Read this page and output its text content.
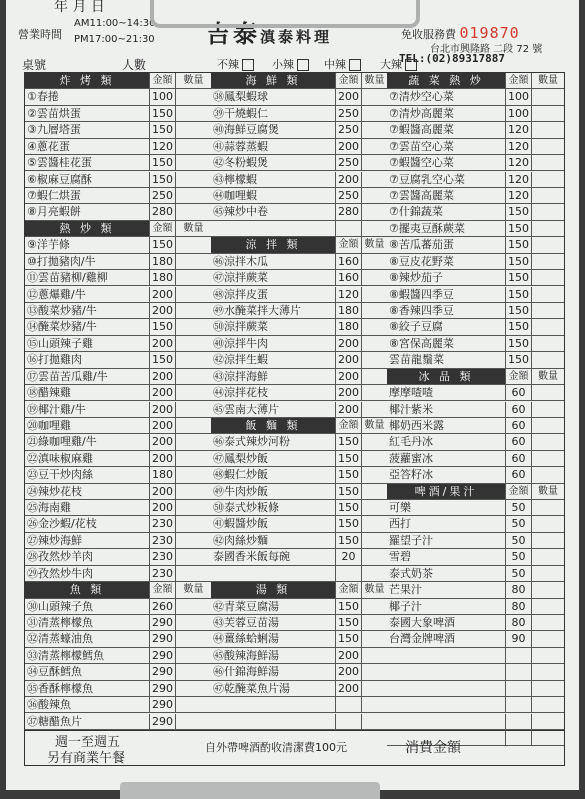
年 月 日
營業時間
AM11:00~14:30
PM17:00~21:30 吉泰滇泰料理	免收服務費 019870
台北市興隆路 二段 72 號
TEL:(02)89317887
桌號	人數	不辣	小辣	中辣	大辣
炸 烤 類	金額	數量
①春捲	100
②雲苗烘蛋	150
③九層塔蛋	150
④蔥花蛋	120
⑤雲醬桂花蛋	150
⑥椒麻豆腐酥	150
⑦蝦仁烘蛋	250
⑧月亮蝦餅	280
熱 炒 類	金額	數量
⑨洋芋條	150
⑩打拋豬肉/牛	180
⑪雲苗豬柳/雞柳	180
⑫蔥爆雞/牛	200
⑬酸菜炒豬/牛	200
⑭醃菜炒豬/牛	150
⑮山頭辣子雞	200
⑯打拋雞肉	150
⑰雲苗苦瓜雞/牛	200
⑱醋辣雞	200
⑲椰汁雞/牛	200
⑳咖哩雞	200
㉑綠咖哩雞/牛	200
㉒滇味椒麻雞	200
㉓豆干炒肉絲	180
㉔辣炒花枝	200
㉕海南雞	200
㉖金沙蝦/花枝	230
㉗辣炒海鮮	230
㉘孜然炒羊肉	230
㉙孜然炒牛肉	230
魚 類	金額	數量
㉚山頭辣子魚	260
㉛清蒸檸檬魚	290
㉜清蒸蠔油魚	290
㉝清蒸檸檬鱈魚	290
㉞豆酥鱈魚	290
㉟香酥檸檬魚	290
㊱酸辣魚	290
㊲糖醋魚片	290
海 鮮 類	金額 數量
㊳鳳梨蝦球	200
㊴干燒蝦仁	250
㊵海鮮豆腐煲	250
㊶蒜蓉蒸蝦	200
㊷冬粉蝦煲	250
㊸檸檬蝦	200
㊹咖哩蝦	250
㊺辣炒中卷	280
涼 拌 類	金額 數量
㊻涼拌木瓜	160
㊼涼拌蕨菜	160
㊽涼拌皮蛋	120
㊾水醃菜拌大薄片	180
㊿涼拌蕨菜	180
㊵涼拌牛肉	200
㊷涼拌生蝦	200
㊸涼拌海鮮	200
㊹涼拌花枝	200
㊺雲南大薄片	200
飯 麵 類	金額 數量
㊻泰式辣炒河粉	150
㊼鳳梨炒飯	150
㊽蝦仁炒飯	150
㊾牛肉炒飯	150
㊿泰式炒粄條	150
㊶蝦醬炒飯	150
㊷肉絲炒麵	150
泰國香米飯每碗	20
湯 類	金額 數量
㊷青菜豆腐湯	150
㊸芙蓉豆苗湯	150
㊹薑絲蛤蜊湯	150
㊺酸辣海鮮湯	200
㊻什錦海鮮湯	200
㊼乾醃菜魚片湯	200
蔬 菜 熱 炒	金額 數量
⑦清炒空心菜	100
⑦清炒高麗菜	100
⑦蝦醬高麗菜	120
⑦雲苗空心菜	120
⑦蝦醬空心菜	120
⑦豆腐乳空心菜	120
⑦雲醬高麗菜	120
⑦什錦蔬菜	150
⑦擺夷豆酥蕨菜	150
⑧苦瓜蕃茄蛋	150
⑧豆皮花野菜	150
⑧辣炒茄子	150
⑧蝦醬四季豆	150
⑧香辣四季豆	150
⑧絞子豆腐	150
⑧宮保高麗菜	150
雲苗龍鬚菜	150
冰 品 類	金額 數量
摩摩喳喳	60
椰汁紫米	60
椰奶西米露	60
紅毛丹冰	60
菠蘿蜜冰	60
亞答籽冰	60
啤酒/果汁	金額 數量
可樂	50
西打	50
羅望子汁	50
雪碧	50
泰式奶茶	50
芒果汁	80
椰子汁	80
泰國大象啤酒	80
台灣金牌啤酒	90
週一至週五
另有商業午餐
自外帶啤酒酌收清潔費100元	消費金額
